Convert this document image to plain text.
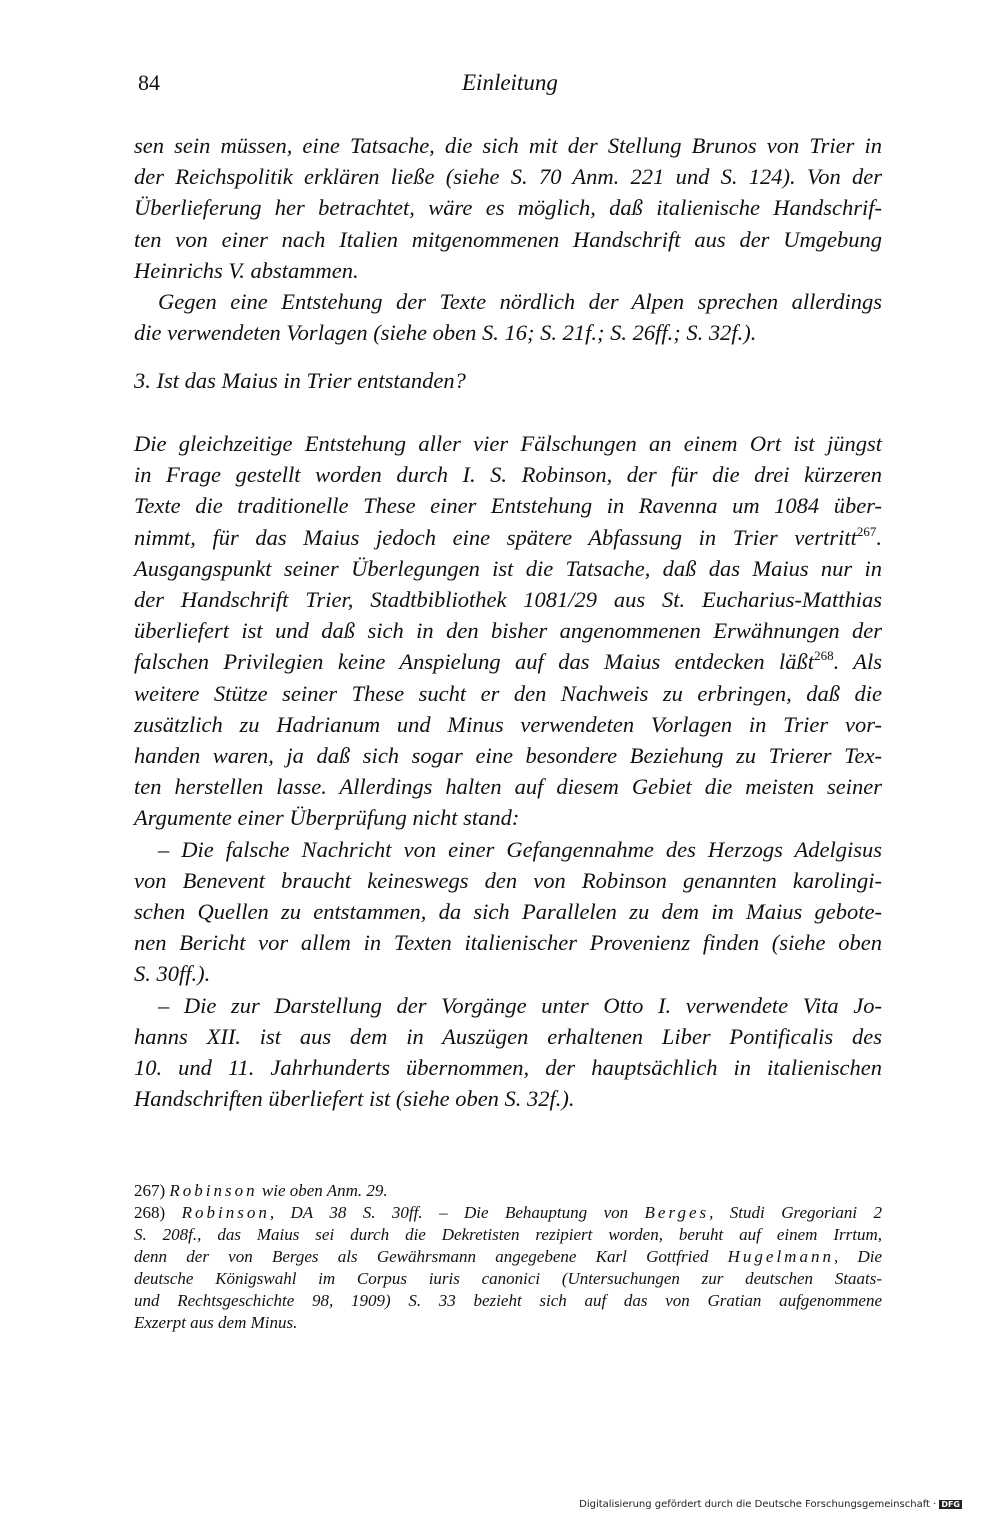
84	Einleitung
sen sein müssen, eine Tatsache, die sich mit der Stellung Brunos von Trier in
der Reichspolitik erklären ließe (siehe S. 70 Anm. 221 und S. 124). Von der
Überlieferung her betrachtet, wäre es möglich, daß italienische Handschrif-
ten von einer nach Italien mitgenommenen Handschrift aus der Umgebung
Heinrichs V. abstammen.
Gegen eine Entstehung der Texte nördlich der Alpen sprechen allerdings
die verwendeten Vorlagen (siehe oben S. 16; S. 21f.; S. 26ff.; S. 32f.).
3. Ist das Maius in Trier entstanden?
Die gleichzeitige Entstehung aller vier Fälschungen an einem Ort ist jüngst
in Frage gestellt worden durch I. S. Robinson, der für die drei kürzeren
Texte die traditionelle These einer Entstehung in Ravenna um 1084 über-
nimmt, für das Maius jedoch eine spätere Abfassung in Trier vertritt$^{267}$.
Ausgangspunkt seiner Überlegungen ist die Tatsache, daß das Maius nur in
der Handschrift Trier, Stadtbibliothek 1081/29 aus St. Eucharius-Matthias
überliefert ist und daß sich in den bisher angenommenen Erwähnungen der
falschen Privilegien keine Anspielung auf das Maius entdecken läßt$^{268}$. Als
weitere Stütze seiner These sucht er den Nachweis zu erbringen, daß die
zusätzlich zu Hadrianum und Minus verwendeten Vorlagen in Trier vor-
handen waren, ja daß sich sogar eine besondere Beziehung zu Trierer Tex-
ten herstellen lasse. Allerdings halten auf diesem Gebiet die meisten seiner
Argumente einer Überprüfung nicht stand:
– Die falsche Nachricht von einer Gefangennahme des Herzogs Adelgisus
von Benevent braucht keineswegs den von Robinson genannten karolingi-
schen Quellen zu entstammen, da sich Parallelen zu dem im Maius gebote-
nen Bericht vor allem in Texten italienischer Provenienz finden (siehe oben
S. 30ff.).
– Die zur Darstellung der Vorgänge unter Otto I. verwendete Vita Jo-
hanns XII. ist aus dem in Auszügen erhaltenen Liber Pontificalis des
10. und 11. Jahrhunderts übernommen, der hauptsächlich in italienischen
Handschriften überliefert ist (siehe oben S. 32f.).
267) Robinson wie oben Anm. 29.
268) Robinson, DA 38 S. 30ff. – Die Behauptung von Berges, Studi Gregoriani 2
S. 208f., das Maius sei durch die Dekretisten rezipiert worden, beruht auf einem Irrtum,
denn der von Berges als Gewährsmann angegebene Karl Gottfried Hugelmann, Die
deutsche Königswahl im Corpus iuris canonici (Untersuchungen zur deutschen Staats-
und Rechtsgeschichte 98, 1909) S. 33 bezieht sich auf das von Gratian aufgenommene
Exzerpt aus dem Minus.
Digitalisierung gefördert durch die Deutsche Forschungsgemeinschaft · DFG
